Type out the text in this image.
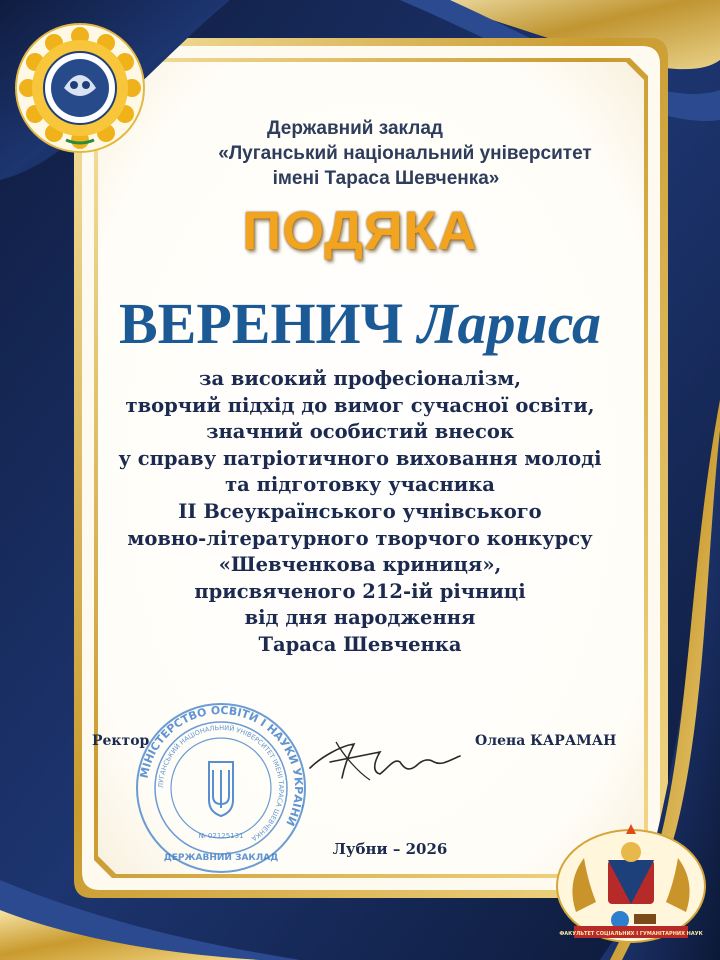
Державний заклад
«Луганський національний університет
імені Тараса Шевченка»
ПОДЯКА
ВЕРЕНИЧ Лариса
за високий професіоналізм,
творчий підхід до вимог сучасної освіти,
значний особистий внесок
у справу патріотичного виховання молоді
та підготовку учасника
ІІ Всеукраїнського учнівського
мовно-літературного творчого конкурсу
«Шевченкова криниця»,
присвяченого 212-ій річниці
від дня народження
Тараса Шевченка
МІНІСТЕРСТВО ОСВІТИ І НАУКИ УКРАЇНИ
ЛУГАНСЬКИЙ НАЦІОНАЛЬНИЙ УНІВЕРСИТЕТ ІМЕНІ ТАРАСА ШЕВЧЕНКА
ДЕРЖАВНИЙ ЗАКЛАД
№ 02125131
Ректор	Олена КАРАМАН
Лубни – 2026
ФАКУЛЬТЕТ СОЦІАЛЬНИХ І ГУМАНІТАРНИХ НАУК
